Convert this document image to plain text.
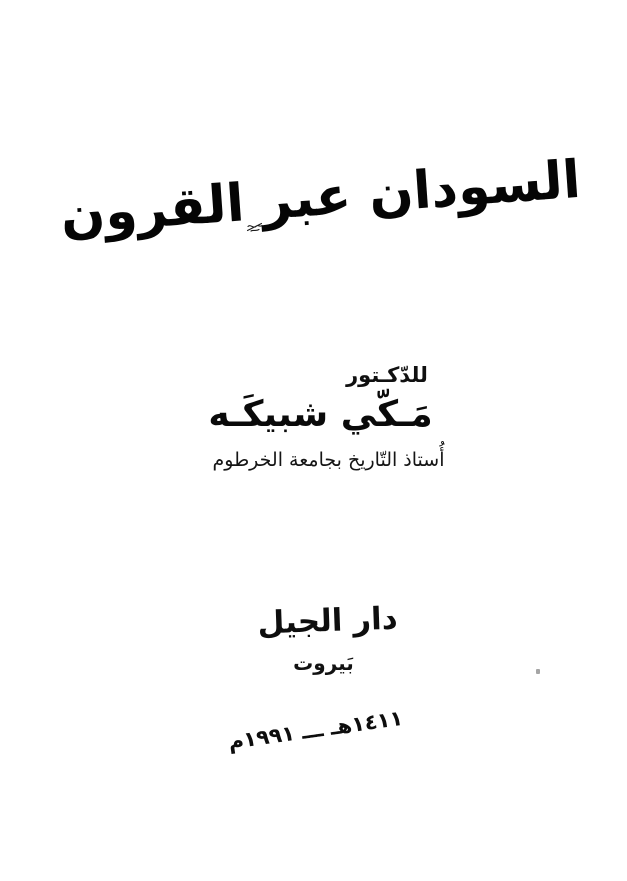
السودان عبر القرون
للدّكـتور
مَـكّي شبيكَـه
أُستاذ التّاريخ بجامعة الخرطوم
دار الجيل
بَيروت
١٤١١هـ ـــ ١٩٩١م
